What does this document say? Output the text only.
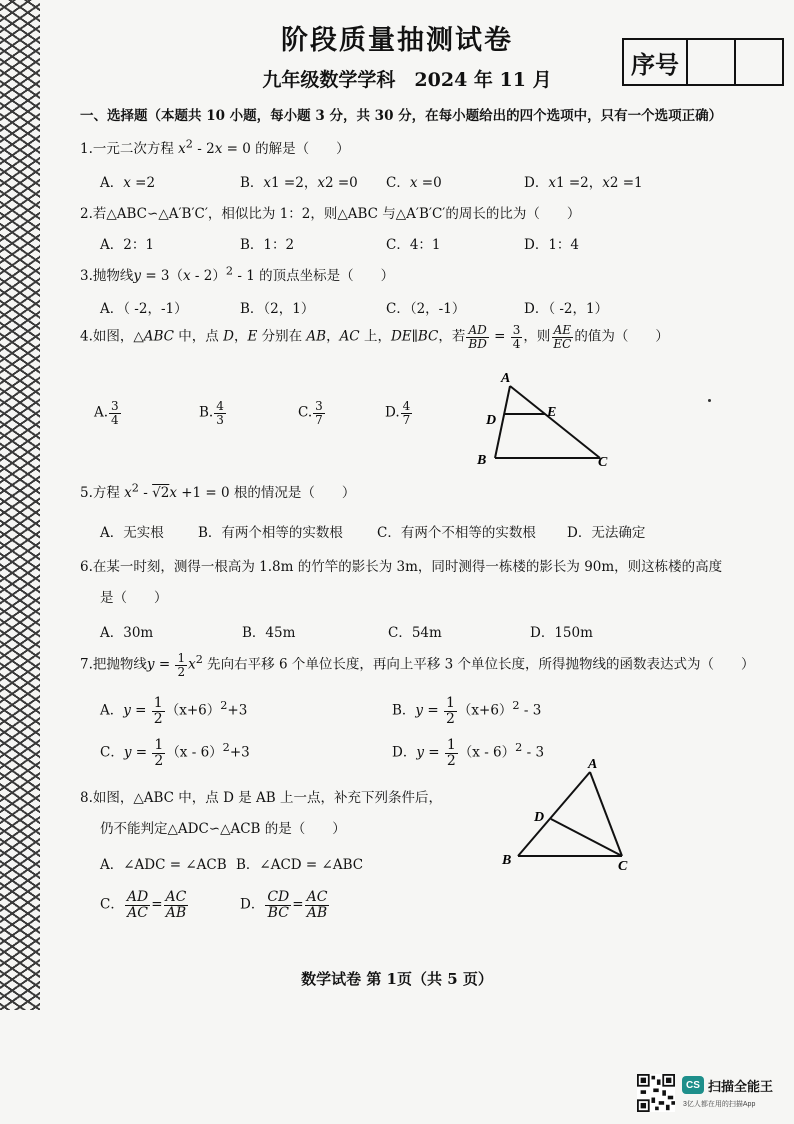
阶段质量抽测试卷
九年级数学学科　2024 年 11 月
序号
一、选择题（本题共 10 小题，每小题 3 分，共 30 分，在每小题给出的四个选项中，只有一个选项正确）
1.一元二次方程 $x^2 - 2x = 0$ 的解是（　　）
A．x =2	B．x1 =2，x2 =0 C．x =0	D．x1 =2，x2 =1
2.若△ABC∽△A′B′C′，相似比为 1：2，则△ABC 与△A′B′C′的周长的比为（　　）
A．2：1	B．1：2	C．4：1	D．1：4
3.抛物线y = 3（x - 2）$^2$ - 1 的顶点坐标是（　　）
A．（ -2，-1）	B．（2，1）	C．（2，-1）	D．（ -2，1）
4.如图，△ABC 中，点 D，E 分别在 AB，AC 上，DE∥BC，若 $\frac{AD}{BD} = \frac{3}{4}$ ，则 $\frac{AE}{EC}$ 的值为（　　）
A. $\frac{3}{4}$	B. $\frac{4}{3}$	C. $\frac{3}{7}$	D. $\frac{4}{7}$
A
D
E
B	C
5.方程 $x^2 - √2x +1 = 0$ 根的情况是（　　）
A．无实根	B．有两个相等的实数根	C．有两个不相等的实数根 D．无法确定
6.在某一时刻，测得一根高为 1.8m 的竹竿的影长为 3m，同时测得一栋楼的影长为 90m，则这栋楼的高度
是（　　）
A．30m	B．45m	C．54m	D．150m
7.把抛物线$y = \frac{1}{2} x^2$ 先向右平移 6 个单位长度，再向上平移 3 个单位长度，所得抛物线的函数表达式为（　　）
A．$y = \frac{1}{2} (x+6)^2+3$	B．$y = \frac{1}{2} (x+6)^2 - 3$
C．$y = \frac{1}{2} (x - 6)^2+3$	D．$y = \frac{1}{2} (x - 6)^2 - 3$
8.如图，△ABC 中，点 D 是 AB 上一点，补充下列条件后，
仍不能判定△ADC∽△ACB 的是（　　）
A．∠ADC = ∠ACB B．∠ACD = ∠ABC
C． $\frac{AD}{AC} = \frac{AC}{AB}$	D． $\frac{CD}{BC} = \frac{AC}{AB}$
A
D
B	C
数学试卷 第 1页（共 5 页）
CS 扫描全能王
3亿人都在用的扫描App
